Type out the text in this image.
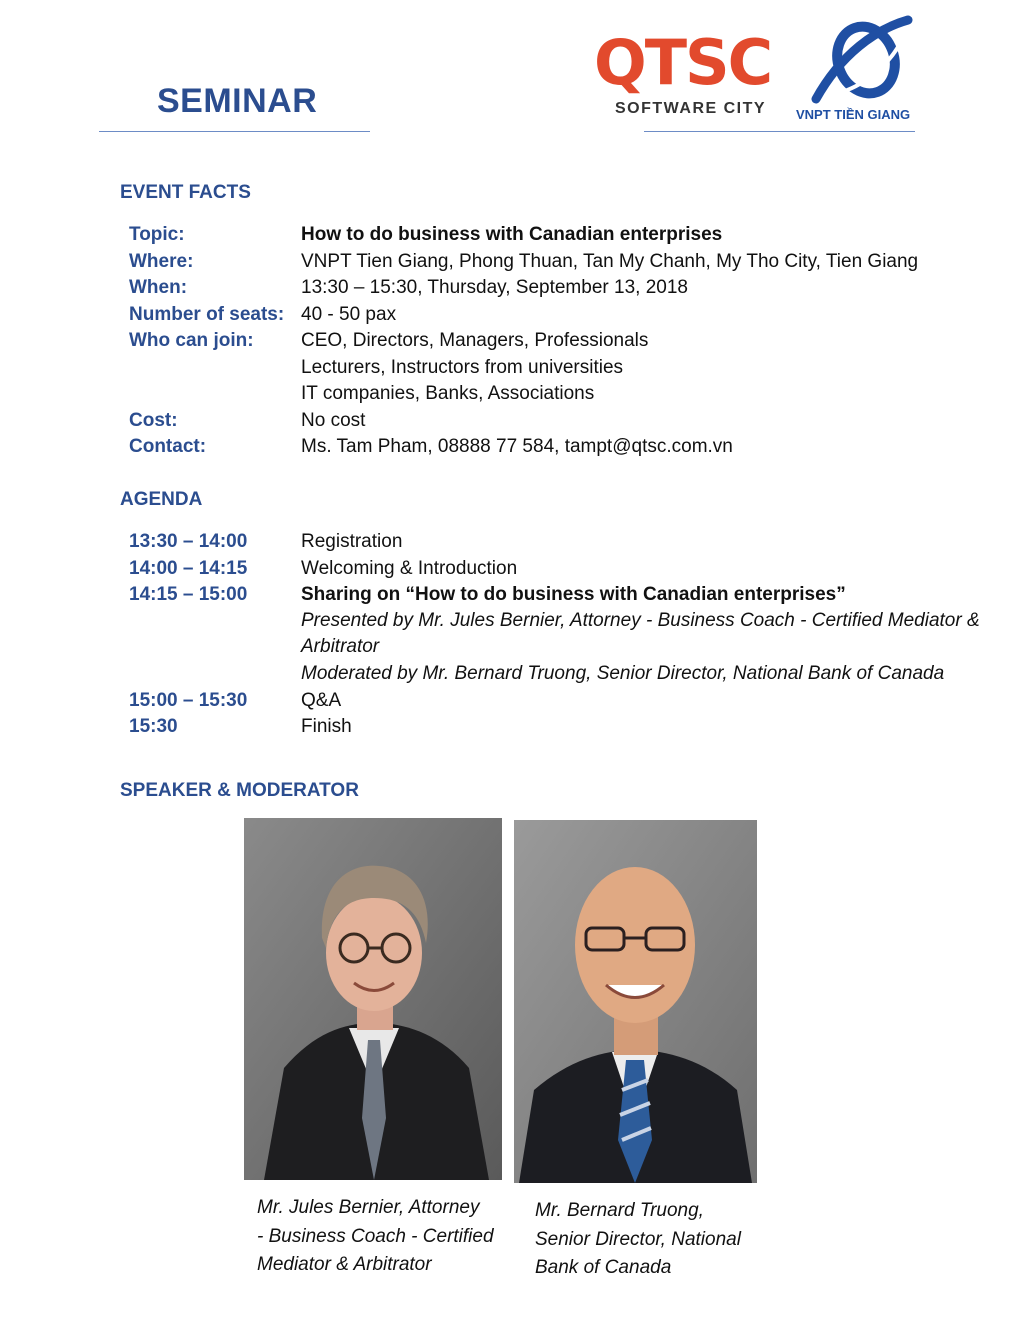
SEMINAR
QTSC
SOFTWARE CITY VNPT TIỀN GIANG
EVENT FACTS
Topic:	How to do business with Canadian enterprises
Where:	VNPT Tien Giang, Phong Thuan, Tan My Chanh, My Tho City, Tien Giang
When:	13:30 – 15:30, Thursday, September 13, 2018
Number of seats: 40 - 50 pax
Who can join:	CEO, Directors, Managers, Professionals
Lecturers, Instructors from universities
IT companies, Banks, Associations
Cost:	No cost
Contact:	Ms. Tam Pham, 08888 77 584, tampt@qtsc.com.vn
AGENDA
13:30 – 14:00	Registration
14:00 – 14:15	Welcoming & Introduction
14:15 – 15:00	Sharing on “How to do business with Canadian enterprises”
Presented by Mr. Jules Bernier, Attorney - Business Coach - Certified Mediator & Arbitrator
Moderated by Mr. Bernard Truong, Senior Director, National Bank of Canada
15:00 – 15:30	Q&A
15:30	Finish
SPEAKER & MODERATOR
Mr. Jules Bernier, Attorney
- Business Coach - Certified
Mediator & Arbitrator
Mr. Bernard Truong,
Senior Director, National
Bank of Canada
